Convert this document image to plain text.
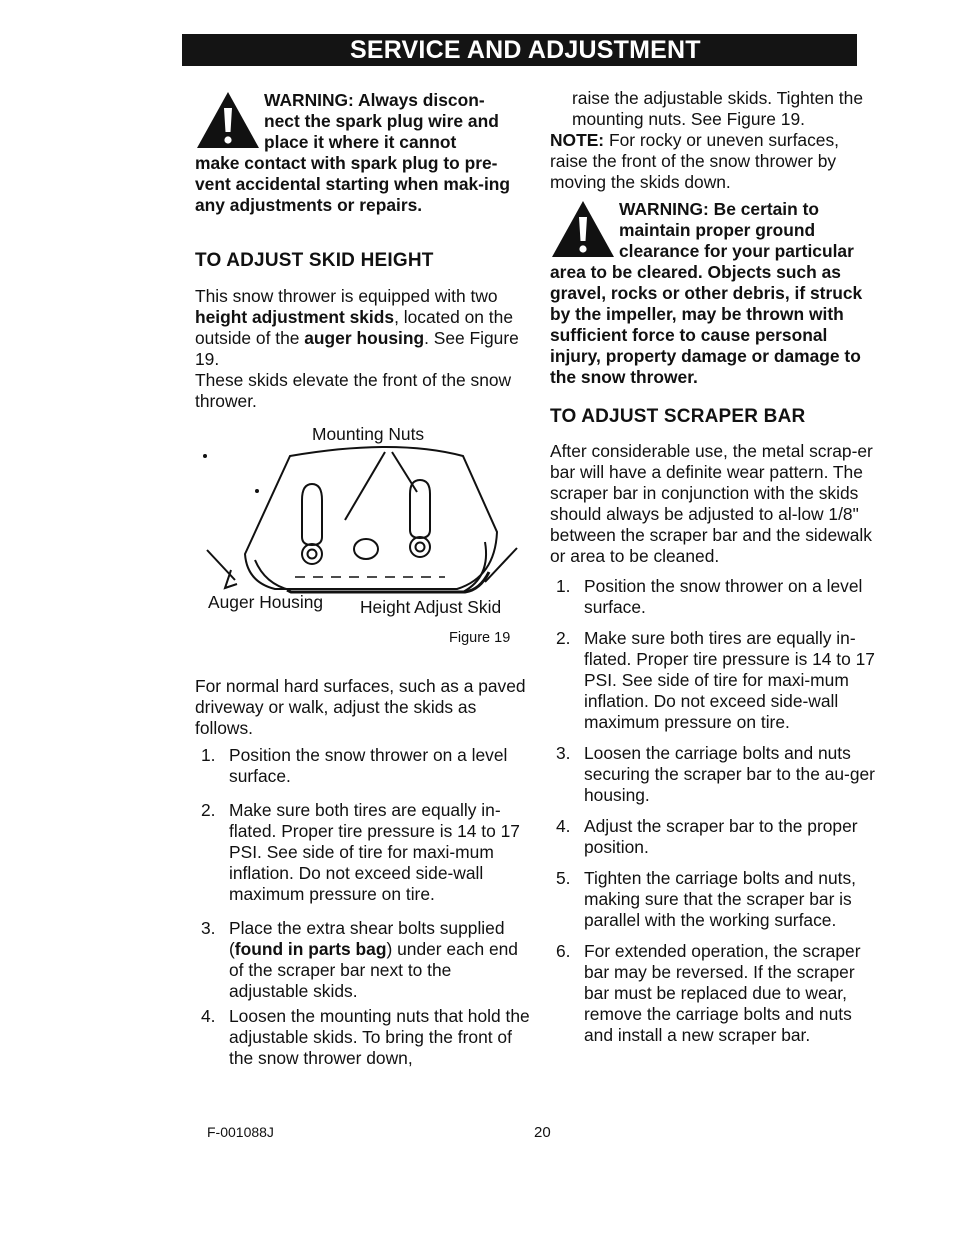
SERVICE AND ADJUSTMENT

WARNING: Always discon-

nect the spark plug wire and

place it where it cannot

make contact with spark plug to pre-vent accidental starting when mak-ing any adjustments or repairs.

TO ADJUST SKID HEIGHT

This snow thrower is equipped with two height adjustment skids, located on the outside of the auger housing. See Figure 19.

These skids elevate the front of the snow thrower.

Mounting Nuts
Auger Housing Height Adjust Skid
Figure 19

For normal hard surfaces, such as a paved driveway or walk, adjust the skids as follows.

1. Position the snow thrower on a level surface.
2. Make sure both tires are equally in-flated. Proper tire pressure is 14 to 17 PSI. See side of tire for maxi-mum inflation. Do not exceed side-wall maximum pressure on tire.
3. Place the extra shear bolts supplied (found in parts bag) under each end of the scraper bar next to the adjustable skids.
4. Loosen the mounting nuts that hold the adjustable skids. To bring the front of the snow thrower down,

raise the adjustable skids. Tighten the mounting nuts. See Figure 19.

NOTE: For rocky or uneven surfaces, raise the front of the snow thrower by moving the skids down.

WARNING: Be certain to

maintain proper ground

clearance for your particular

area to be cleared. Objects such as gravel, rocks or other debris, if struck by the impeller, may be thrown with sufficient force to cause personal injury, property damage or damage to the snow thrower.

TO ADJUST SCRAPER BAR

After considerable use, the metal scrap-er bar will have a definite wear pattern. The scraper bar in conjunction with the skids should always be adjusted to al-low 1/8" between the scraper bar and the sidewalk or area to be cleaned.

1. Position the snow thrower on a level surface.
2. Make sure both tires are equally in-flated. Proper tire pressure is 14 to 17 PSI. See side of tire for maxi-mum inflation. Do not exceed side-wall maximum pressure on tire.
3. Loosen the carriage bolts and nuts securing the scraper bar to the au-ger housing.
4. Adjust the scraper bar to the proper position.
5. Tighten the carriage bolts and nuts, making sure that the scraper bar is parallel with the working surface.
6. For extended operation, the scraper bar may be reversed. If the scraper bar must be replaced due to wear, remove the carriage bolts and nuts and install a new scraper bar.
F-001088J	20
